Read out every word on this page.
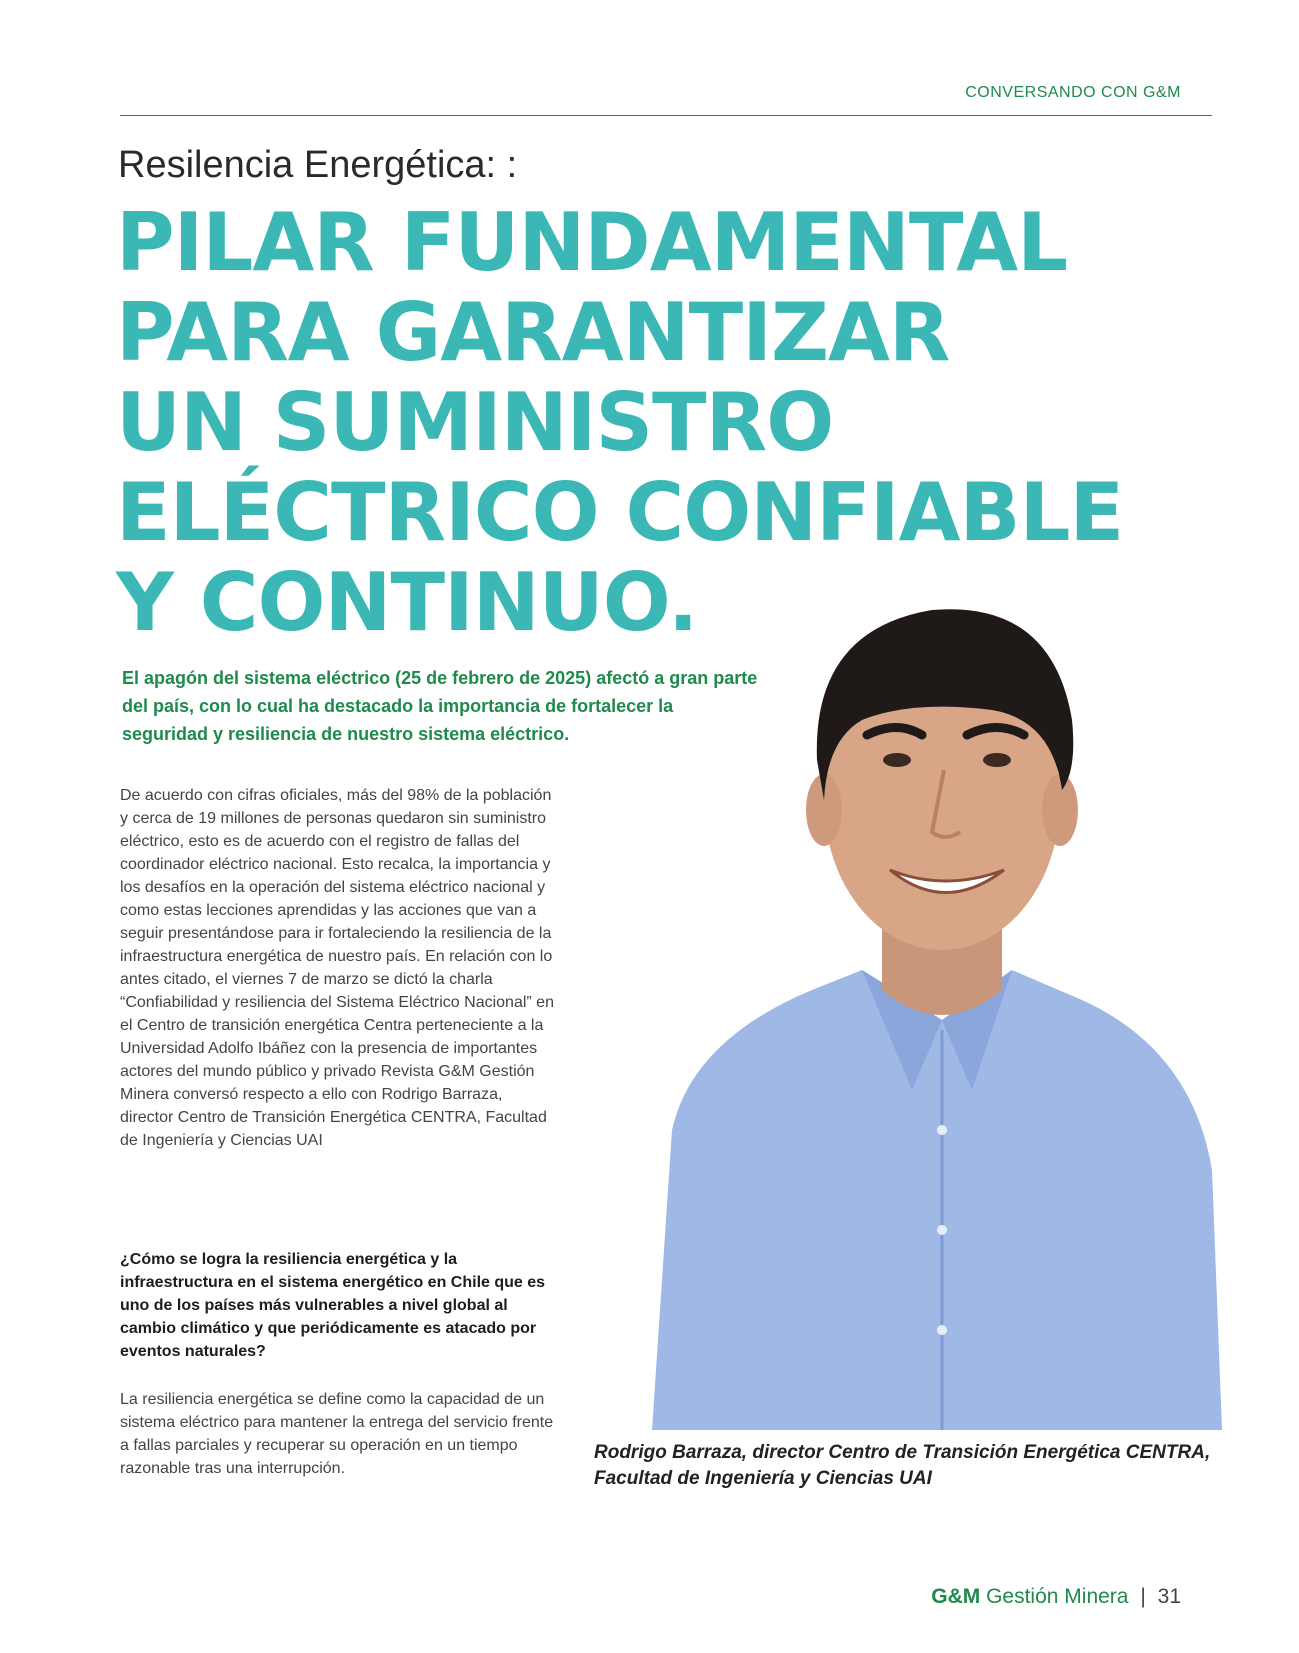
CONVERSANDO CON G&M
Resilencia Energética: :
PILAR FUNDAMENTAL
PARA GARANTIZAR
UN SUMINISTRO
ELÉCTRICO CONFIABLE
Y CONTINUO.

El apagón del sistema eléctrico (25 de febrero de 2025) afectó a gran parte del país, con lo cual ha destacado la importancia de fortalecer la seguridad y resiliencia de nuestro sistema eléctrico.

De acuerdo con cifras oficiales, más del 98% de la población y cerca de 19 millones de personas quedaron sin suministro eléctrico, esto es de acuerdo con el registro de fallas del coordinador eléctrico nacional. Esto recalca, la importancia y los desafíos en la operación del sistema eléctrico nacional y como estas lecciones aprendidas y las acciones que van a seguir presentándose para ir fortaleciendo la resiliencia de la infraestructura energética de nuestro país. En relación con lo antes citado, el viernes 7 de marzo se dictó la charla “Confiabilidad y resiliencia del Sistema Eléctrico Nacional” en el Centro de transición energética Centra perteneciente a la Universidad Adolfo Ibáñez con la presencia de importantes actores del mundo público y privado Revista G&M Gestión Minera conversó respecto a ello con Rodrigo Barraza, director Centro de Transición Energética CENTRA, Facultad de Ingeniería y Ciencias UAI

¿Cómo se logra la resiliencia energética y la infraestructura en el sistema energético en Chile que es uno de los países más vulnerables a nivel global al cambio climático y que periódicamente es atacado por eventos naturales?

La resiliencia energética se define como la capacidad de un sistema eléctrico para mantener la entrega del servicio frente a fallas parciales y recuperar su operación en un tiempo razonable tras una interrupción.

Rodrigo Barraza, director Centro de Transición Energética CENTRA, Facultad de Ingeniería y Ciencias UAI

G&M Gestión Minera | 31
